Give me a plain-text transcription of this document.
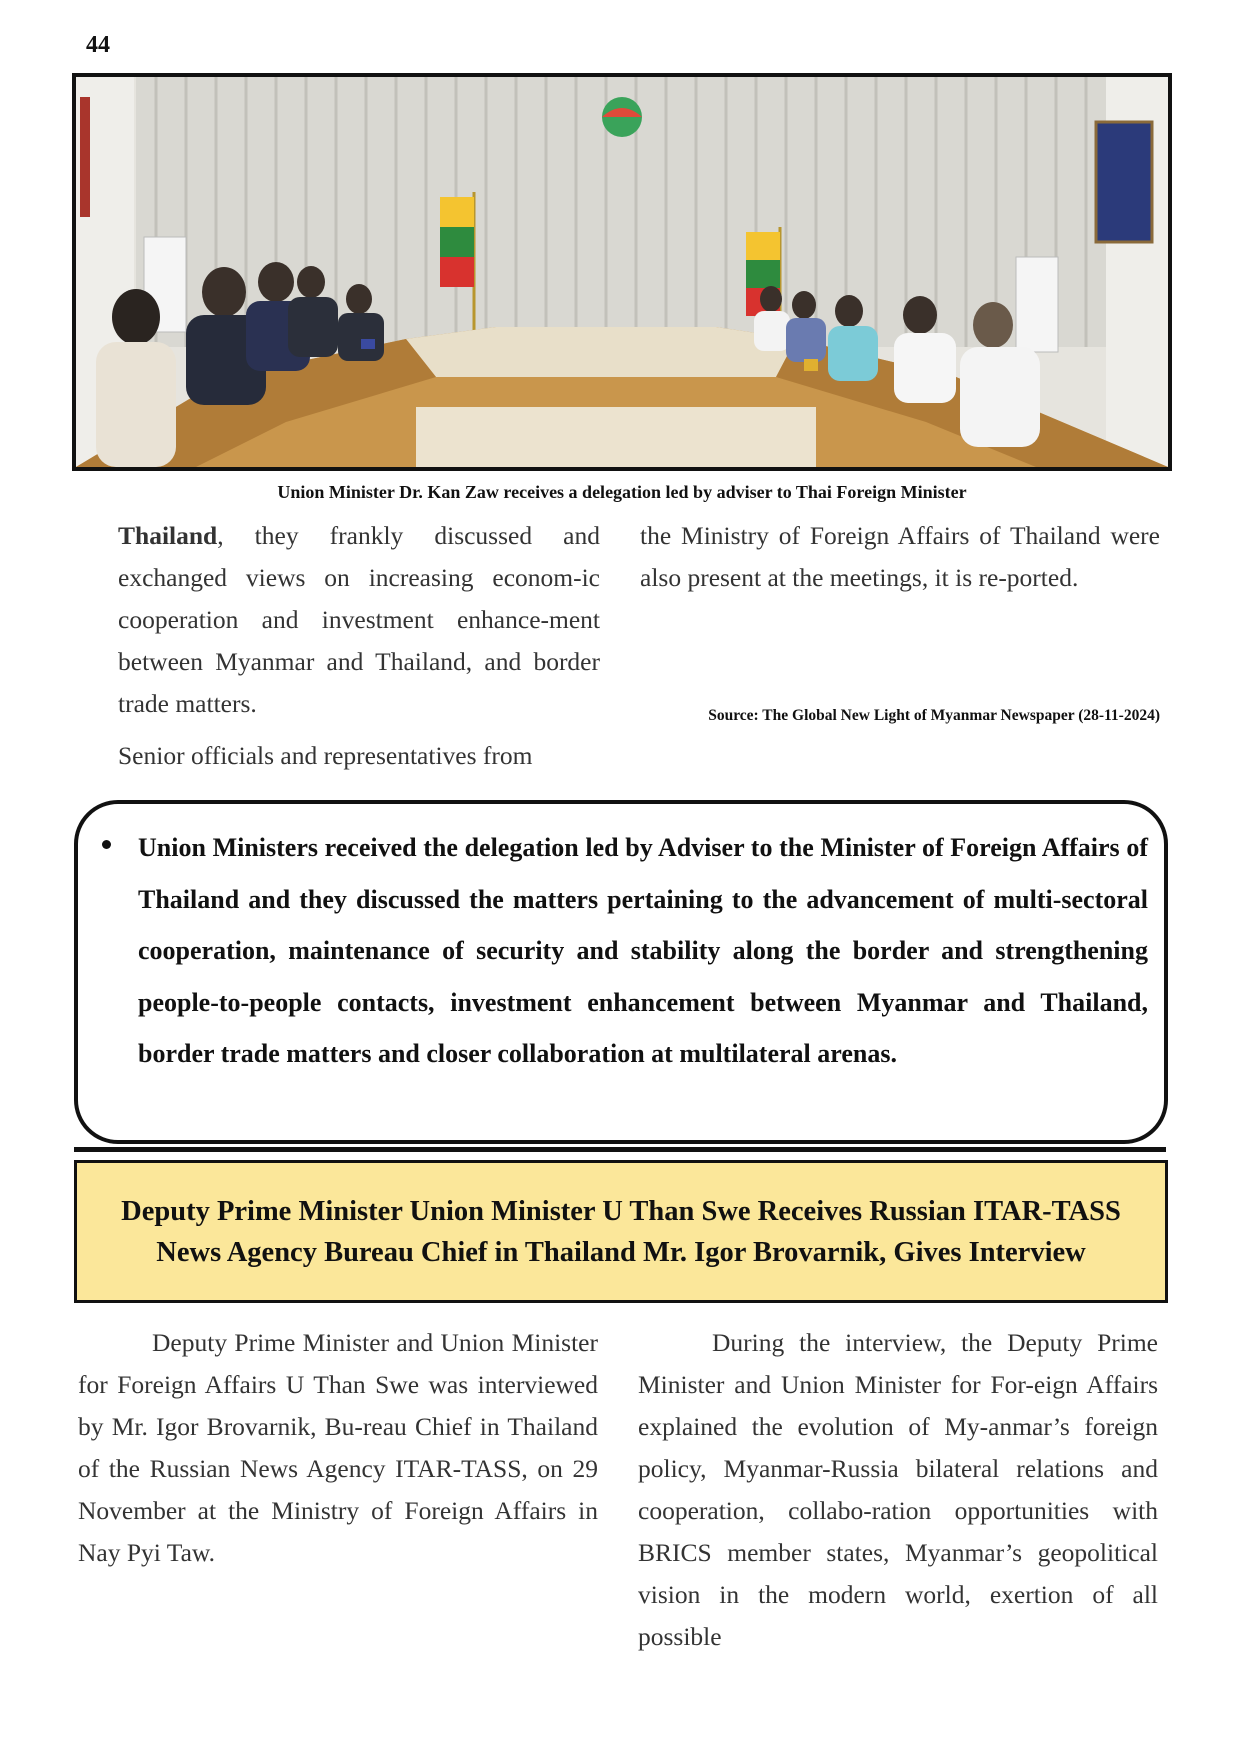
44
Union Minister Dr. Kan Zaw receives a delegation led by adviser to Thai Foreign Minister

Thailand, they frankly discussed and exchanged views on increasing econom-ic cooperation and investment enhance-ment between Myanmar and Thailand, and border trade matters.

Senior officials and representatives from

the Ministry of Foreign Affairs of Thailand were also present at the meetings, it is re-ported.

Source: The Global New Light of Myanmar Newspaper (28-11-2024)
Union Ministers received the delegation led by Adviser to the Minister of Foreign Affairs of Thailand and they discussed the matters pertaining to the advancement of multi-sectoral cooperation, maintenance of security and stability along the border and strengthening people-to-people contacts, investment enhancement between Myanmar and Thailand, border trade matters and closer collaboration at multilateral arenas.
Deputy Prime Minister Union Minister U Than Swe Receives Russian ITAR-TASS News Agency Bureau Chief in Thailand Mr. Igor Brovarnik, Gives Interview

Deputy Prime Minister and Union Minister for Foreign Affairs U Than Swe was interviewed by Mr. Igor Brovarnik, Bu-reau Chief in Thailand of the Russian News Agency ITAR-TASS, on 29 November at the Ministry of Foreign Affairs in Nay Pyi Taw.

During the interview, the Deputy Prime Minister and Union Minister for For-eign Affairs explained the evolution of My-anmar’s foreign policy, Myanmar-Russia bilateral relations and cooperation, collabo-ration opportunities with BRICS member states, Myanmar’s geopolitical vision in the modern world, exertion of all possible
